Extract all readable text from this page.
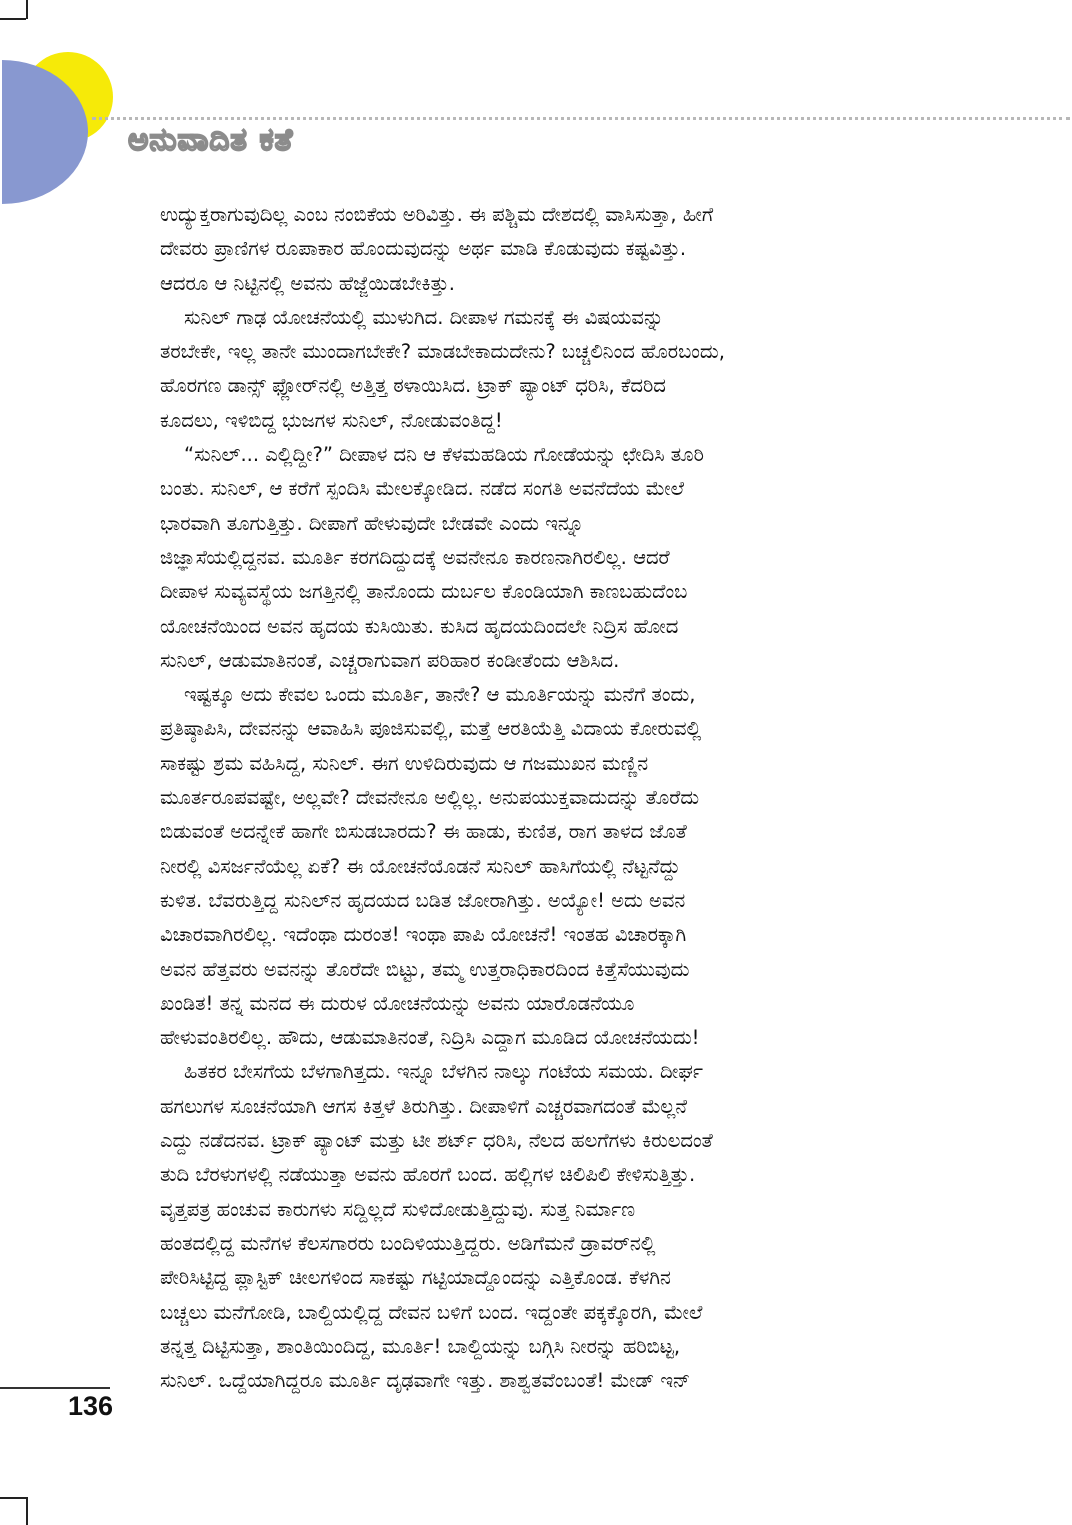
ಅನುವಾದಿತ ಕತೆ
ಉದ್ಯುಕ್ತರಾಗುವುದಿಲ್ಲ ಎಂಬ ನಂಬಿಕೆಯ ಅರಿವಿತ್ತು. ಈ ಪಶ್ಚಿಮ ದೇಶದಲ್ಲಿ ವಾಸಿಸುತ್ತಾ, ಹೀಗೆ
ದೇವರು ಪ್ರಾಣಿಗಳ ರೂಪಾಕಾರ ಹೊಂದುವುದನ್ನು ಅರ್ಥ ಮಾಡಿ ಕೊಡುವುದು ಕಷ್ಟವಿತ್ತು.
ಆದರೂ ಆ ನಿಟ್ಟಿನಲ್ಲಿ ಅವನು ಹೆಜ್ಜೆಯಿಡಬೇಕಿತ್ತು.
ಸುನಿಲ್ ಗಾಢ ಯೋಚನೆಯಲ್ಲಿ ಮುಳುಗಿದ. ದೀಪಾಳ ಗಮನಕ್ಕೆ ಈ ವಿಷಯವನ್ನು
ತರಬೇಕೇ, ಇಲ್ಲ ತಾನೇ ಮುಂದಾಗಬೇಕೇ? ಮಾಡಬೇಕಾದುದೇನು? ಬಚ್ಚಲಿನಿಂದ ಹೊರಬಂದು,
ಹೊರಗಣ ಡಾನ್ಸ್ ಫ್ಲೋರ್‌ನಲ್ಲಿ ಅತ್ತಿತ್ತ ಠಳಾಯಿಸಿದ. ಟ್ರಾಕ್ ಪ್ಯಾಂಟ್ ಧರಿಸಿ, ಕೆದರಿದ
ಕೂದಲು, ಇಳಿಬಿದ್ದ ಭುಜಗಳ ಸುನಿಲ್, ನೋಡುವಂತಿದ್ದ!
“ಸುನಿಲ್... ಎಲ್ಲಿದ್ದೀ?” ದೀಪಾಳ ದನಿ ಆ ಕೆಳಮಹಡಿಯ ಗೋಡೆಯನ್ನು ಛೇದಿಸಿ ತೂರಿ
ಬಂತು. ಸುನಿಲ್, ಆ ಕರೆಗೆ ಸ್ಪಂದಿಸಿ ಮೇಲಕ್ಕೋಡಿದ. ನಡೆದ ಸಂಗತಿ ಅವನೆದೆಯ ಮೇಲೆ
ಭಾರವಾಗಿ ತೂಗುತ್ತಿತ್ತು. ದೀಪಾಗೆ ಹೇಳುವುದೇ ಬೇಡವೇ ಎಂದು ಇನ್ನೂ
ಜಿಜ್ಞಾಸೆಯಲ್ಲಿದ್ದನವ. ಮೂರ್ತಿ ಕರಗದಿದ್ದುದಕ್ಕೆ ಅವನೇನೂ ಕಾರಣನಾಗಿರಲಿಲ್ಲ. ಆದರೆ
ದೀಪಾಳ ಸುವ್ಯವಸ್ಥೆಯ ಜಗತ್ತಿನಲ್ಲಿ ತಾನೊಂದು ದುರ್ಬಲ ಕೊಂಡಿಯಾಗಿ ಕಾಣಬಹುದೆಂಬ
ಯೋಚನೆಯಿಂದ ಅವನ ಹೃದಯ ಕುಸಿಯಿತು. ಕುಸಿದ ಹೃದಯದಿಂದಲೇ ನಿದ್ರಿಸ ಹೋದ
ಸುನಿಲ್, ಆಡುಮಾತಿನಂತೆ, ಎಚ್ಚರಾಗುವಾಗ ಪರಿಹಾರ ಕಂಡೀತೆಂದು ಆಶಿಸಿದ.
ಇಷ್ಟಕ್ಕೂ ಅದು ಕೇವಲ ಒಂದು ಮೂರ್ತಿ, ತಾನೇ? ಆ ಮೂರ್ತಿಯನ್ನು ಮನೆಗೆ ತಂದು,
ಪ್ರತಿಷ್ಠಾಪಿಸಿ, ದೇವನನ್ನು ಆವಾಹಿಸಿ ಪೂಜಿಸುವಲ್ಲಿ, ಮತ್ತೆ ಆರತಿಯೆತ್ತಿ ವಿದಾಯ ಕೋರುವಲ್ಲಿ
ಸಾಕಷ್ಟು ಶ್ರಮ ವಹಿಸಿದ್ದ, ಸುನಿಲ್. ಈಗ ಉಳಿದಿರುವುದು ಆ ಗಜಮುಖನ ಮಣ್ಣಿನ
ಮೂರ್ತರೂಪವಷ್ಟೇ, ಅಲ್ಲವೇ? ದೇವನೇನೂ ಅಲ್ಲಿಲ್ಲ. ಅನುಪಯುಕ್ತವಾದುದನ್ನು ತೊರೆದು
ಬಿಡುವಂತೆ ಅದನ್ನೇಕೆ ಹಾಗೇ ಬಿಸುಡಬಾರದು? ಈ ಹಾಡು, ಕುಣಿತ, ರಾಗ ತಾಳದ ಜೊತೆ
ನೀರಲ್ಲಿ ವಿಸರ್ಜನೆಯೆಲ್ಲ ಏಕೆ? ಈ ಯೋಚನೆಯೊಡನೆ ಸುನಿಲ್ ಹಾಸಿಗೆಯಲ್ಲಿ ನೆಟ್ಟನೆದ್ದು
ಕುಳಿತ. ಬೆವರುತ್ತಿದ್ದ ಸುನಿಲ್‌ನ ಹೃದಯದ ಬಡಿತ ಜೋರಾಗಿತ್ತು. ಅಯ್ಯೋ! ಅದು ಅವನ
ವಿಚಾರವಾಗಿರಲಿಲ್ಲ. ಇದೆಂಥಾ ದುರಂತ! ಇಂಥಾ ಪಾಪಿ ಯೋಚನೆ! ಇಂತಹ ವಿಚಾರಕ್ಕಾಗಿ
ಅವನ ಹೆತ್ತವರು ಅವನನ್ನು ತೊರೆದೇ ಬಿಟ್ಟು, ತಮ್ಮ ಉತ್ತರಾಧಿಕಾರದಿಂದ ಕಿತ್ತೆಸೆಯುವುದು
ಖಂಡಿತ! ತನ್ನ ಮನದ ಈ ದುರುಳ ಯೋಚನೆಯನ್ನು ಅವನು ಯಾರೊಡನೆಯೂ
ಹೇಳುವಂತಿರಲಿಲ್ಲ. ಹೌದು, ಆಡುಮಾತಿನಂತೆ, ನಿದ್ರಿಸಿ ಎದ್ದಾಗ ಮೂಡಿದ ಯೋಚನೆಯದು!
ಹಿತಕರ ಬೇಸಗೆಯ ಬೆಳಗಾಗಿತ್ತದು. ಇನ್ನೂ ಬೆಳಗಿನ ನಾಲ್ಕು ಗಂಟೆಯ ಸಮಯ. ದೀರ್ಘ
ಹಗಲುಗಳ ಸೂಚನೆಯಾಗಿ ಆಗಸ ಕಿತ್ತಳೆ ತಿರುಗಿತ್ತು. ದೀಪಾಳಿಗೆ ಎಚ್ಚರವಾಗದಂತೆ ಮೆಲ್ಲನೆ
ಎದ್ದು ನಡೆದನವ. ಟ್ರಾಕ್ ಪ್ಯಾಂಟ್ ಮತ್ತು ಟೀ ಶರ್ಟ್ ಧರಿಸಿ, ನೆಲದ ಹಲಗೆಗಳು ಕಿರುಲದಂತೆ
ತುದಿ ಬೆರಳುಗಳಲ್ಲಿ ನಡೆಯುತ್ತಾ ಅವನು ಹೊರಗೆ ಬಂದ. ಹಲ್ಲಿಗಳ ಚಿಲಿಪಿಲಿ ಕೇಳಿಸುತ್ತಿತ್ತು.
ವೃತ್ತಪತ್ರ ಹಂಚುವ ಕಾರುಗಳು ಸದ್ದಿಲ್ಲದೆ ಸುಳಿದೋಡುತ್ತಿದ್ದುವು. ಸುತ್ತ ನಿರ್ಮಾಣ
ಹಂತದಲ್ಲಿದ್ದ ಮನೆಗಳ ಕೆಲಸಗಾರರು ಬಂದಿಳಿಯುತ್ತಿದ್ದರು. ಅಡಿಗೆಮನೆ ಡ್ರಾವರ್‌ನಲ್ಲಿ
ಪೇರಿಸಿಟ್ಟಿದ್ದ ಪ್ಲಾಸ್ಟಿಕ್ ಚೀಲಗಳಿಂದ ಸಾಕಷ್ಟು ಗಟ್ಟಿಯಾದ್ದೊಂದನ್ನು ಎತ್ತಿಕೊಂಡ. ಕೆಳಗಿನ
ಬಚ್ಚಲು ಮನೆಗೋಡಿ, ಬಾಲ್ದಿಯಲ್ಲಿದ್ದ ದೇವನ ಬಳಿಗೆ ಬಂದ. ಇದ್ದಂತೇ ಪಕ್ಕಕ್ಕೊರಗಿ, ಮೇಲೆ
ತನ್ನತ್ತ ದಿಟ್ಟಿಸುತ್ತಾ, ಶಾಂತಿಯಿಂದಿದ್ದ, ಮೂರ್ತಿ! ಬಾಲ್ದಿಯನ್ನು ಬಗ್ಗಿಸಿ ನೀರನ್ನು ಹರಿಬಿಟ್ಟ,
ಸುನಿಲ್. ಒದ್ದೆಯಾಗಿದ್ದರೂ ಮೂರ್ತಿ ದೃಢವಾಗೇ ಇತ್ತು. ಶಾಶ್ವತವೆಂಬಂತೆ! ಮೇಡ್ ಇನ್
136
